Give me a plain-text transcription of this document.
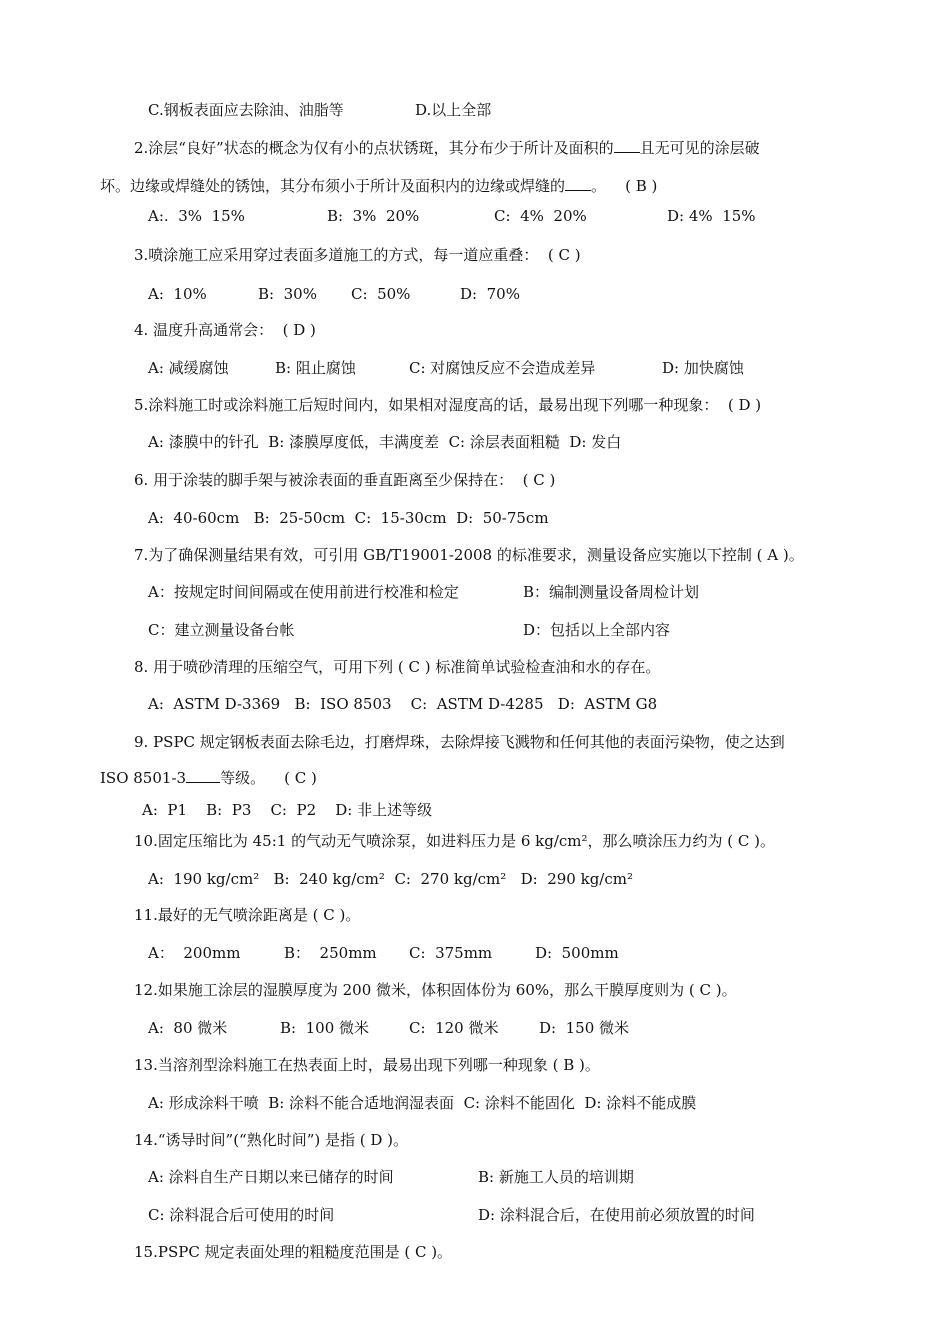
C.钢板表面应去除油、油脂等	D.以上全部
2.涂层“良好”状态的概念为仅有小的点状锈斑，其分布少于所计及面积的 且无可见的涂层破
坏。边缘或焊缝处的锈蚀，其分布须小于所计及面积内的边缘或焊缝的 。    ( B )
A:.  3%  15%	B:  3%  20%	C:  4%  20%	D: 4%  15%
3.喷涂施工应采用穿过表面多道施工的方式，每一道应重叠：  ( C )
A:  10%	B:  30% C:  50%	D:  70%
4. 温度升高通常会：  ( D )
A: 减缓腐蚀	B: 阻止腐蚀	C: 对腐蚀反应不会造成差异	D: 加快腐蚀
5.涂料施工时或涂料施工后短时间内，如果相对湿度高的话，最易出现下列哪一种现象：  ( D )
A: 漆膜中的针孔  B: 漆膜厚度低，丰满度差  C: 涂层表面粗糙  D: 发白
6. 用于涂装的脚手架与被涂表面的垂直距离至少保持在：  ( C )
A:  40-60cm   B:  25-50cm  C:  15-30cm  D:  50-75cm
7.为了确保测量结果有效，可引用 GB/T19001-2008 的标准要求，测量设备应实施以下控制 ( A )。
A：按规定时间间隔或在使用前进行校准和检定	B：编制测量设备周检计划
C：建立测量设备台帐	D：包括以上全部内容
8. 用于喷砂清理的压缩空气，可用下列 ( C ) 标准简单试验检查油和水的存在。
A:  ASTM D-3369   B:  ISO 8503    C:  ASTM D-4285   D:  ASTM G8
9. PSPC 规定钢板表面去除毛边，打磨焊珠，去除焊接飞溅物和任何其他的表面污染物，使之达到
ISO 8501-3 等级。    ( C )
A:  P1    B:  P3    C:  P2    D: 非上述等级
10.固定压缩比为 45:1 的气动无气喷涂泵，如进料压力是 6 kg/cm²，那么喷涂压力约为 ( C )。
A:  190 kg/cm²   B:  240 kg/cm²  C:  270 kg/cm²   D:  290 kg/cm²
11.最好的无气喷涂距离是 ( C )。
A：  200mm	B：  250mm C:  375mm	D:  500mm
12.如果施工涂层的湿膜厚度为 200 微米，体积固体份为 60%，那么干膜厚度则为 ( C )。
A:  80 微米	B:  100 微米	C:  120 微米	D:  150 微米
13.当溶剂型涂料施工在热表面上时，最易出现下列哪一种现象 ( B )。
A: 形成涂料干喷  B: 涂料不能合适地润湿表面  C: 涂料不能固化  D: 涂料不能成膜
14.“诱导时间”(“熟化时间”) 是指 ( D )。
A: 涂料自生产日期以来已储存的时间	B: 新施工人员的培训期
C: 涂料混合后可使用的时间	D: 涂料混合后，在使用前必须放置的时间
15.PSPC 规定表面处理的粗糙度范围是 ( C )。
